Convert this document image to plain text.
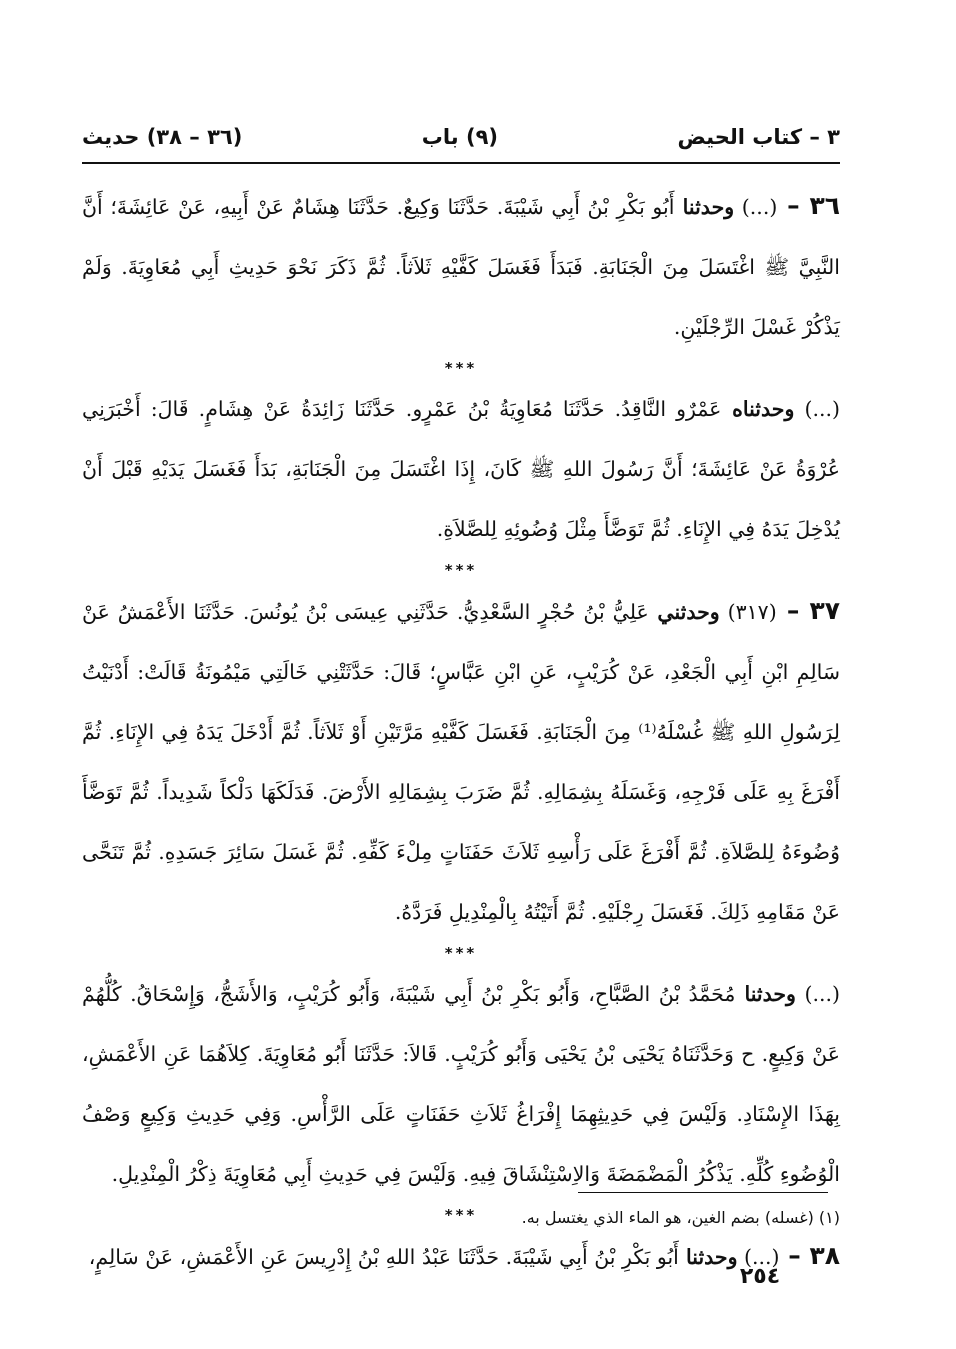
٣ – كتاب الحيض
(٩) باب
(٣٦ – ٣٨) حديث

٣٦ – (...) وحدثنا أَبُو بَكْرِ بْنُ أَبِي شَيْبَةَ. حَدَّثَنَا وَكِيعٌ. حَدَّثَنَا هِشَامٌ عَنْ أَبِيهِ، عَنْ عَائِشَةَ؛ أَنَّ النَّبِيَّ ﷺ اغْتَسَلَ مِنَ الْجَنَابَةِ. فَبَدَأَ فَغَسَلَ كَفَّيْهِ ثَلاَثاً. ثُمَّ ذَكَرَ نَحْوَ حَدِيثِ أَبِي مُعَاوِيَةَ. وَلَمْ يَذْكُرْ غَسْلَ الرِّجْلَيْنِ.

***

(...) وحدثناه عَمْرٌو النَّاقِدُ. حَدَّثَنَا مُعَاوِيَةُ بْنُ عَمْرٍو. حَدَّثَنَا زَائِدَةُ عَنْ هِشَامٍ. قَالَ: أَخْبَرَنِي عُرْوَةُ عَنْ عَائِشَةَ؛ أَنَّ رَسُولَ اللهِ ﷺ كَانَ، إِذَا اغْتَسَلَ مِنَ الْجَنَابَةِ، بَدَأَ فَغَسَلَ يَدَيْهِ قَبْلَ أَنْ يُدْخِلَ يَدَهُ فِي الإِنَاءِ. ثُمَّ تَوَضَّأَ مِثْلَ وُضُوئِهِ لِلصَّلاَةِ.

***

٣٧ – (٣١٧) وحدثني عَلِيُّ بْنُ حُجْرٍ السَّعْدِيُّ. حَدَّثَنِي عِيسَى بْنُ يُونُسَ. حَدَّثَنَا الأَعْمَشُ عَنْ سَالِمِ ابْنِ أَبِي الْجَعْدِ، عَنْ كُرَيْبٍ، عَنِ ابْنِ عَبَّاسٍ؛ قَالَ: حَدَّثَتْنِي خَالَتِي مَيْمُونَةُ قَالَتْ: أَدْنَيْتُ لِرَسُولِ اللهِ ﷺ غُسْلَهُ⁽¹⁾ مِنَ الْجَنَابَةِ. فَغَسَلَ كَفَّيْهِ مَرَّتَيْنِ أَوْ ثَلاَثاً. ثُمَّ أَدْخَلَ يَدَهُ فِي الإِنَاءِ. ثُمَّ أَفْرَغَ بِهِ عَلَى فَرْجِهِ، وَغَسَلَهُ بِشِمَالِهِ. ثُمَّ ضَرَبَ بِشِمَالِهِ الأَرْضَ. فَدَلَكَهَا دَلْكاً شَدِيداً. ثُمَّ تَوَضَّأَ وُضُوءَهُ لِلصَّلاَةِ. ثُمَّ أَفْرَغَ عَلَى رَأْسِهِ ثَلاَثَ حَفَنَاتٍ مِلْءَ كَفِّهِ. ثُمَّ غَسَلَ سَائِرَ جَسَدِهِ. ثُمَّ تَنَحَّى عَنْ مَقَامِهِ ذَلِكَ. فَغَسَلَ رِجْلَيْهِ. ثُمَّ أَتَيْتُهُ بِالْمِنْدِيلِ فَرَدَّهُ.

***

(...) وحدثنا مُحَمَّدُ بْنُ الصَّبَّاحِ، وَأَبُو بَكْرِ بْنُ أَبِي شَيْبَةَ، وَأَبُو كُرَيْبٍ، وَالأَشَجُّ، وَإِسْحَاقُ. كُلُّهُمْ عَنْ وَكِيعٍ. ح وَحَدَّثَنَاهُ يَحْيَى بْنُ يَحْيَى وَأَبُو كُرَيْبٍ. قَالاَ: حَدَّثَنَا أَبُو مُعَاوِيَةَ. كِلاَهُمَا عَنِ الأَعْمَشِ، بِهَذَا الإِسْنَادِ. وَلَيْسَ فِي حَدِيثِهِمَا إِفْرَاغُ ثَلاَثِ حَفَنَاتٍ عَلَى الرَّأْسِ. وَفِي حَدِيثِ وَكِيعٍ وَصْفُ الْوُضُوءِ كُلِّهِ. يَذْكُرُ الْمَضْمَضَةَ وَالاِسْتِنْشَاقَ فِيهِ. وَلَيْسَ فِي حَدِيثِ أَبِي مُعَاوِيَةَ ذِكْرُ الْمِنْدِيلِ.

***

٣٨ – (...) وحدثنا أَبُو بَكْرِ بْنُ أَبِي شَيْبَةَ. حَدَّثَنَا عَبْدُ اللهِ بْنُ إِدْرِيسَ عَنِ الأَعْمَشِ، عَنْ سَالِمٍ،

(١) (غسله) بضم الغين، هو الماء الذي يغتسل به.
٢٥٤
